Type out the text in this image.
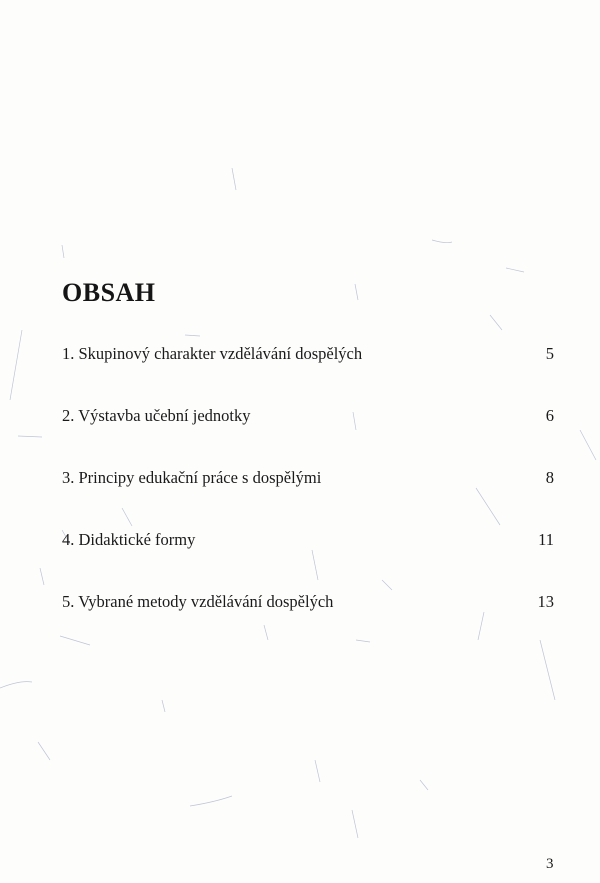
OBSAH
1. Skupinový charakter vzdělávání dospělých	5
2. Výstavba učební jednotky	6
3. Principy edukační práce s dospělými	8
4. Didaktické formy	11
5. Vybrané metody vzdělávání dospělých	13
3
